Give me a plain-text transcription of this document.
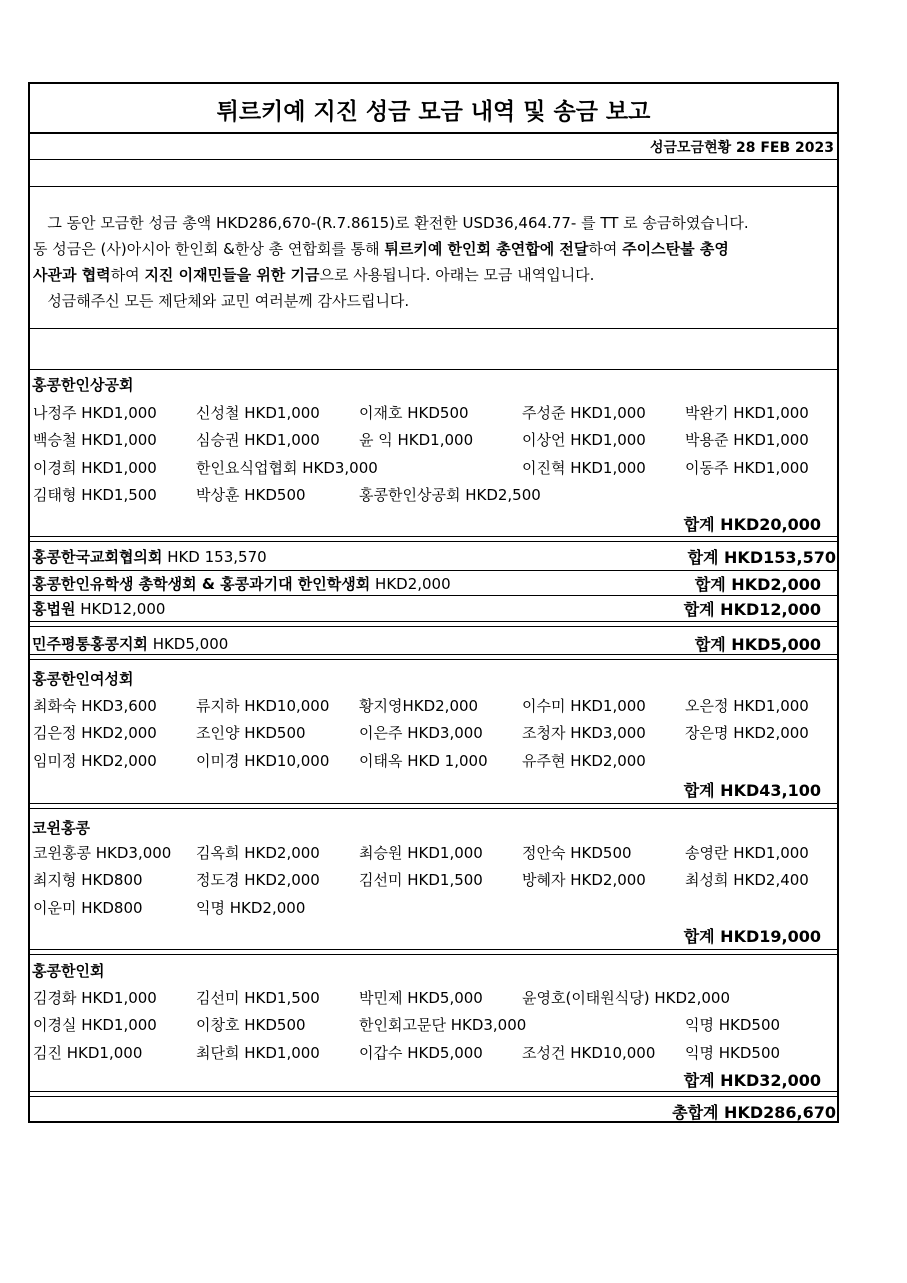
튀르키예 지진 성금 모금 내역 및 송금 보고
성금모금현황 28 FEB 2023
그 동안 모금한 성금 총액 HKD286,670-(R.7.8615)로 환전한 USD36,464.77- 를 TT 로 송금하였습니다.
동 성금은 (사)아시아 한인회 &한상 총 연합회를 통해 튀르키예 한인회 총연합에 전달하여 주이스탄불 총영
사관과 협력하여 지진 이재민들을 위한 기금으로 사용됩니다. 아래는 모금 내역입니다.
성금해주신 모든 제단체와 교민 여러분께 감사드립니다.
홍콩한인상공회
나정주 HKD1,000	신성철 HKD1,000	이재호 HKD500	주성준 HKD1,000	박완기 HKD1,000
백승철 HKD1,000	심승권 HKD1,000	윤 익 HKD1,000	이상언 HKD1,000	박용준 HKD1,000
이경희 HKD1,000	한인요식업협회 HKD3,000	이진혁 HKD1,000	이동주 HKD1,000
김태형 HKD1,500	박상훈 HKD500	홍콩한인상공회 HKD2,500
합계 HKD20,000
홍콩한국교회협의회 HKD 153,570	합계 HKD153,570
홍콩한인유학생 총학생회 & 홍콩과기대 한인학생회 HKD2,000	합계 HKD2,000
홍법원 HKD12,000	합계 HKD12,000
민주평통홍콩지회 HKD5,000	합계 HKD5,000
홍콩한인여성회
최화숙 HKD3,600	류지하 HKD10,000 황지영HKD2,000	이수미 HKD1,000	오은정 HKD1,000
김은정 HKD2,000	조인양 HKD500	이은주 HKD3,000	조청자 HKD3,000	장은명 HKD2,000
임미정 HKD2,000	이미경 HKD10,000 이태옥 HKD 1,000 유주현 HKD2,000
합계 HKD43,100
코윈홍콩
코윈홍콩 HKD3,000 김옥희 HKD2,000	최승원 HKD1,000	정안숙 HKD500	송영란 HKD1,000
최지형 HKD800	정도경 HKD2,000	김선미 HKD1,500	방혜자 HKD2,000	최성희 HKD2,400
이운미 HKD800	익명 HKD2,000
합계 HKD19,000
홍콩한인회
김경화 HKD1,000	김선미 HKD1,500	박민제 HKD5,000	윤영호(이태원식당) HKD2,000
이경실 HKD1,000	이창호 HKD500	한인회고문단 HKD3,000	익명 HKD500
김진 HKD1,000	최단희 HKD1,000	이갑수 HKD5,000	조성건 HKD10,000 익명 HKD500
합계 HKD32,000
총합계 HKD286,670
